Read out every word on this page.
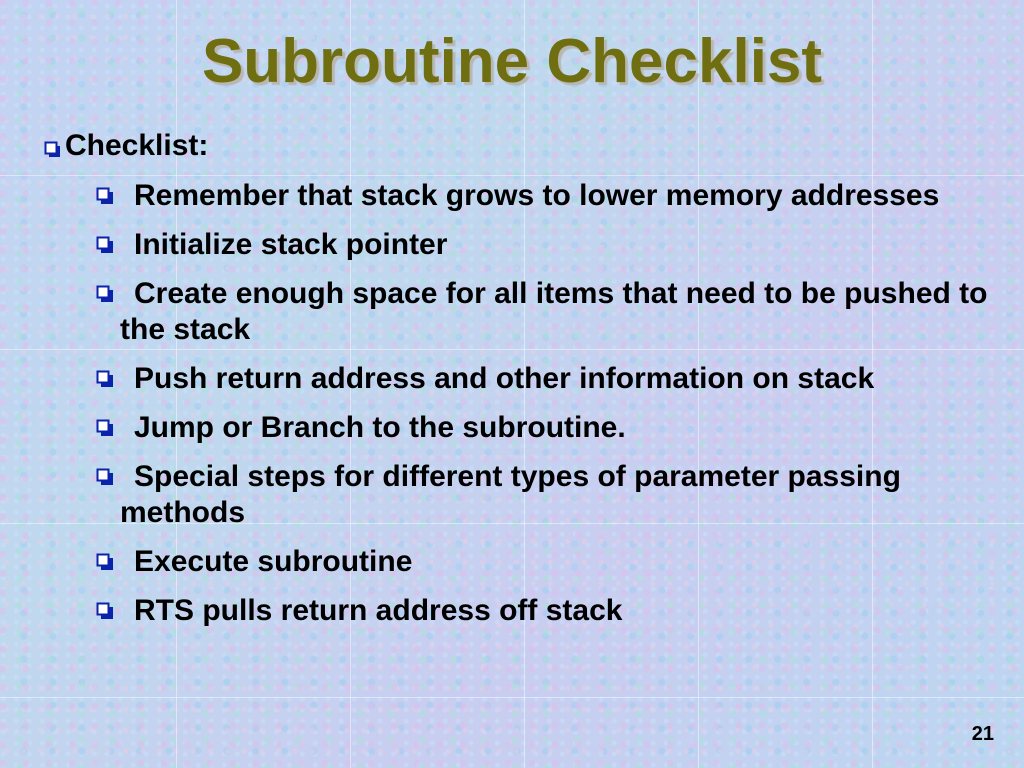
Subroutine Checklist
Checklist:
Remember that stack grows to lower memory addresses
Initialize stack pointer
Create enough space for all items that need to be pushed to the stack
Push return address and other information on stack
Jump or Branch to the subroutine.
Special steps for different types of parameter passing methods
Execute subroutine
RTS pulls return address off stack
21
